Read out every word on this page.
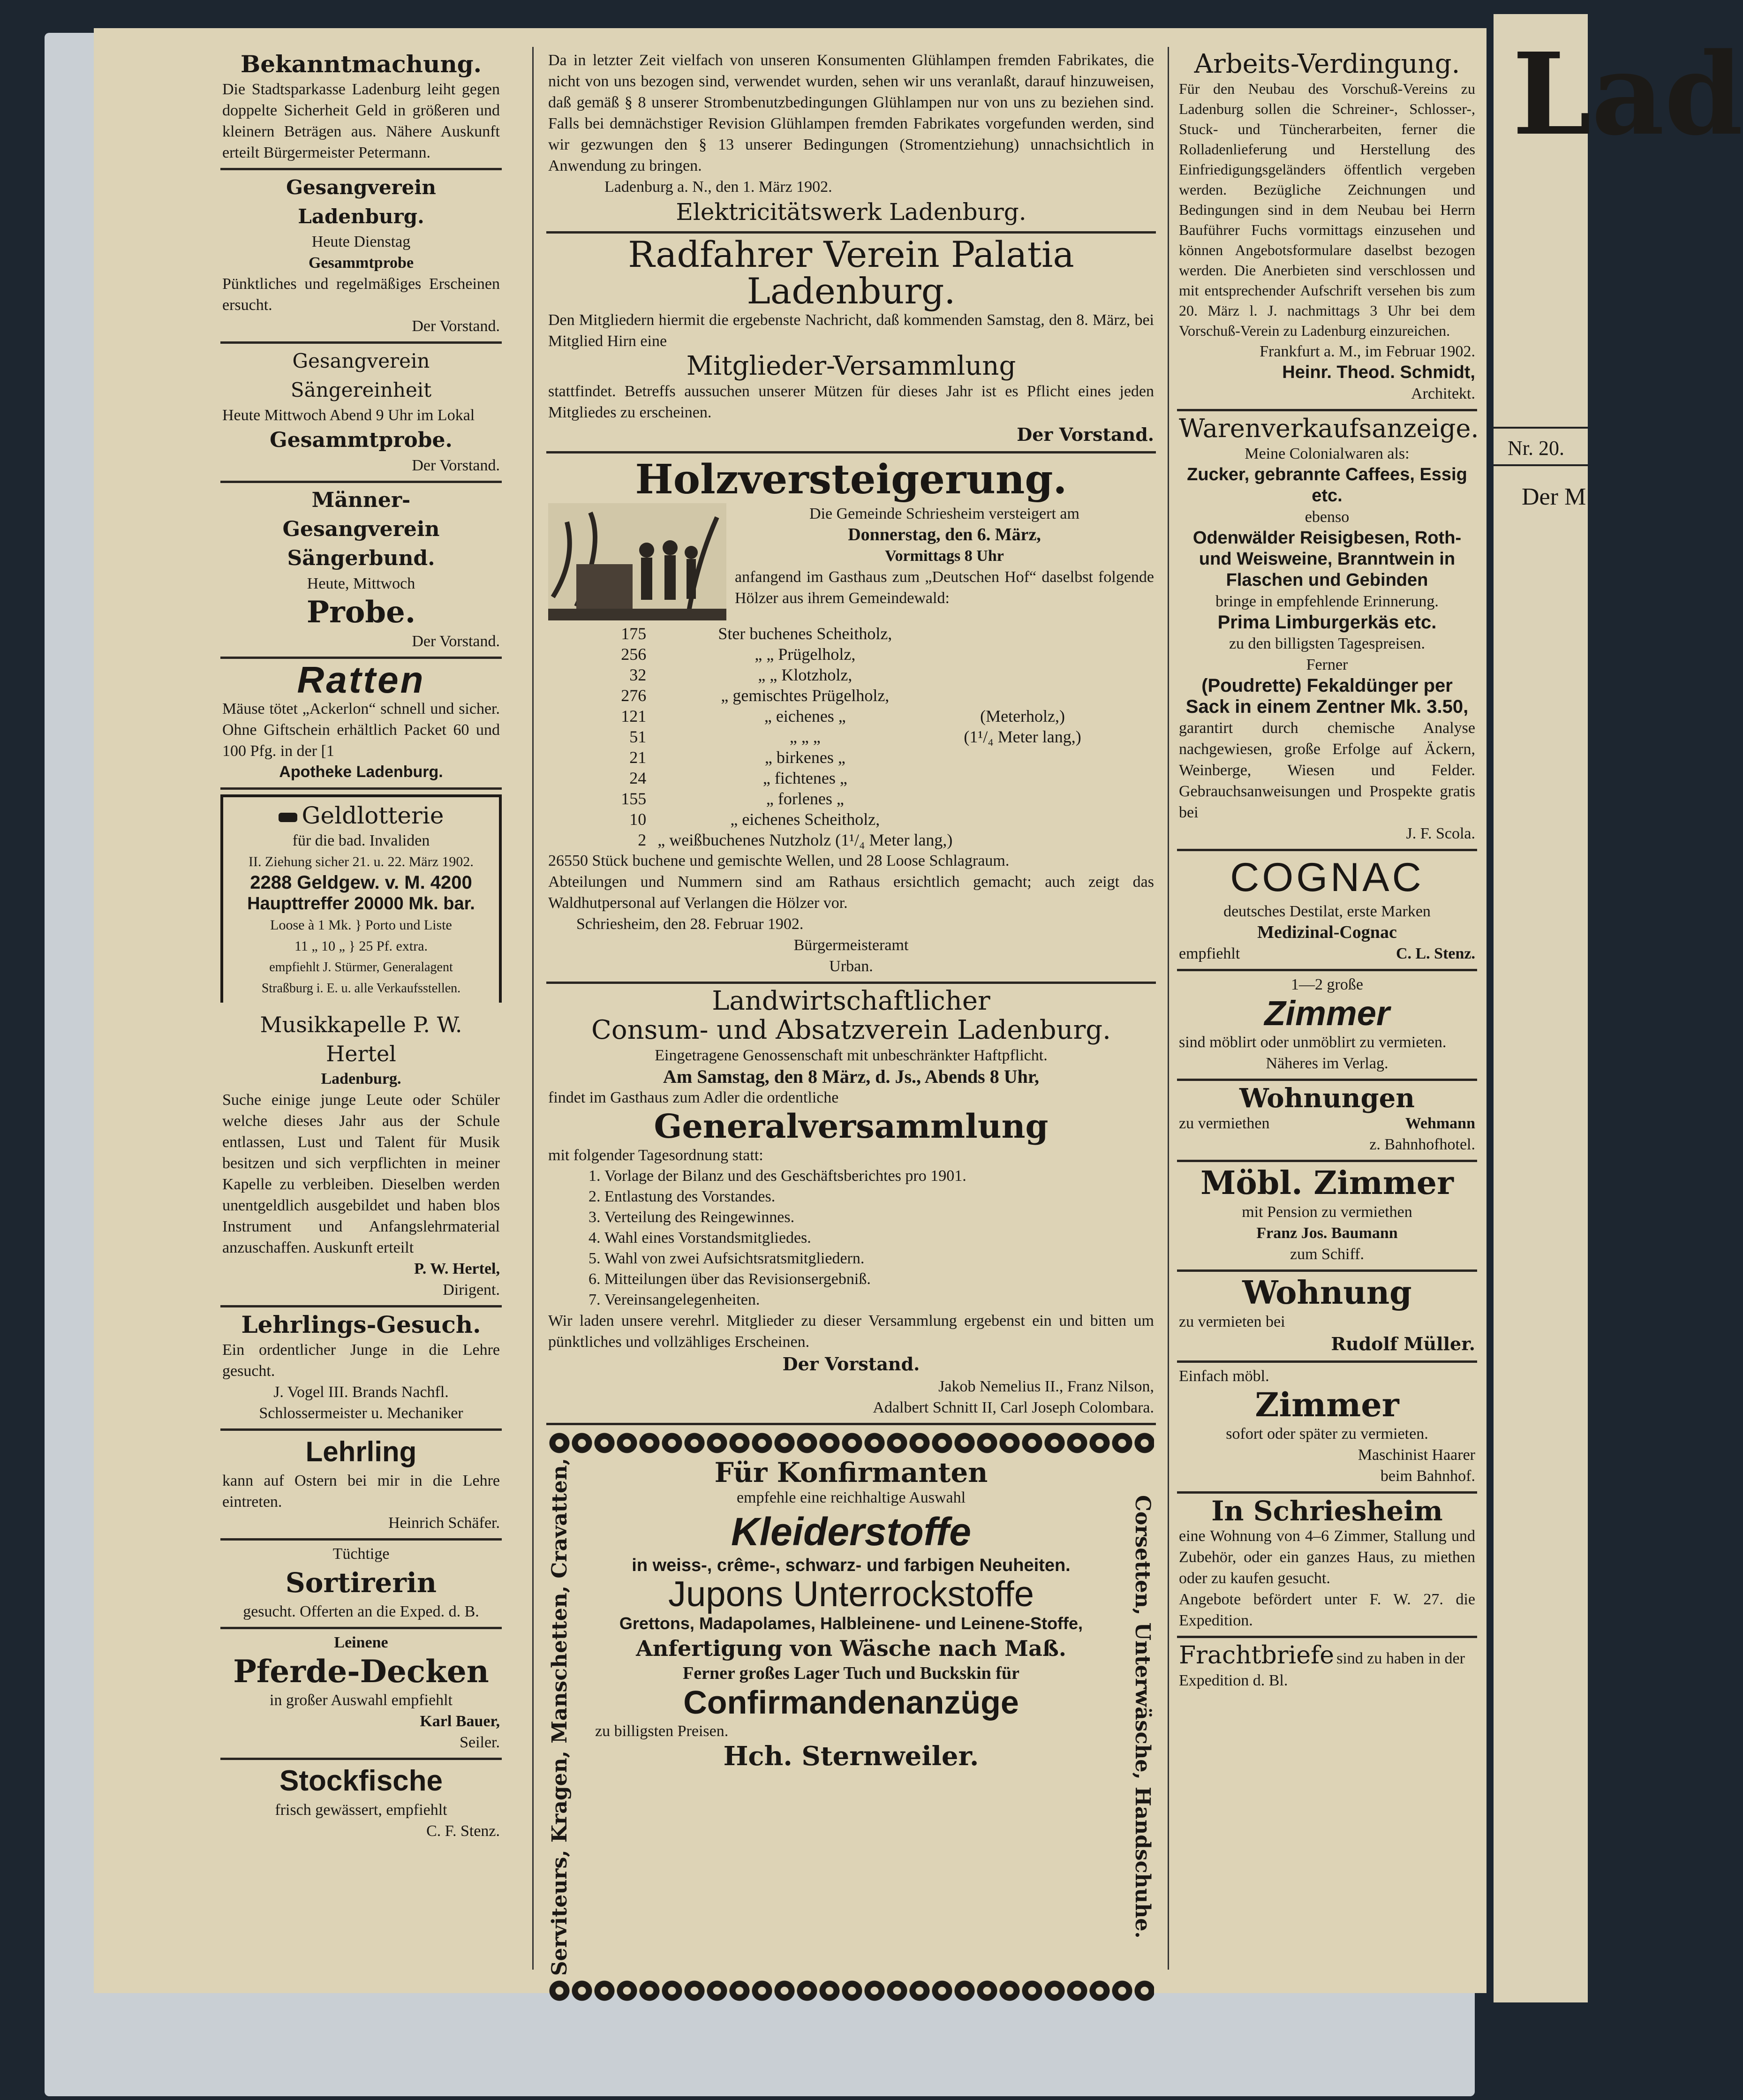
Lad
Nr. 20.
Der M
Bekanntmachung.
Die Stadtsparkasse Ladenburg leiht gegen doppelte Sicherheit Geld in größeren und kleinern Beträgen aus. Nähere Auskunft erteilt Bürgermeister Petermann.
Gesangverein Ladenburg.
Heute Dienstag
Gesammtprobe
Pünktliches und regelmäßiges Erscheinen ersucht.
Der Vorstand.
Gesangverein Sängereinheit
Heute Mittwoch Abend 9 Uhr im Lokal
Gesammtprobe.
Der Vorstand.
Männer-
Gesangverein Sängerbund.
Heute, Mittwoch
Probe.
Der Vorstand.
Ratten
Mäuse tötet „Ackerlon“ schnell und sicher. Ohne Giftschein erhältlich Packet 60 und 100 Pfg. in der [1
Apotheke Ladenburg.
Geldlotterie
für die bad. Invaliden
II. Ziehung sicher 21. u. 22. März 1902.
2288 Geldgew. v. M. 4200
Haupttreffer 20000 Mk. bar.
Loose à 1 Mk. } Porto und Liste
11 „ 10 „ } 25 Pf. extra.
empfiehlt J. Stürmer, Generalagent
Straßburg i. E. u. alle Verkaufsstellen.
Musikkapelle P. W. Hertel
Ladenburg.
Suche einige junge Leute oder Schüler welche dieses Jahr aus der Schule entlassen, Lust und Talent für Musik besitzen und sich verpflichten in meiner Kapelle zu verbleiben. Dieselben werden unentgeldlich ausgebildet und haben blos Instrument und Anfangslehrmaterial anzuschaffen. Auskunft erteilt
P. W. Hertel,
Dirigent.
Lehrlings-Gesuch.
Ein ordentlicher Junge in die Lehre gesucht.
J. Vogel III. Brands Nachfl.
Schlossermeister u. Mechaniker
Lehrling
kann auf Ostern bei mir in die Lehre eintreten.
Heinrich Schäfer.
Tüchtige
Sortirerin
gesucht. Offerten an die Exped. d. B.
Leinene
Pferde-Decken
in großer Auswahl empfiehlt
Karl Bauer,
Seiler.
Stockfische
frisch gewässert, empfiehlt
C. F. Stenz.
Da in letzter Zeit vielfach von unseren Konsumenten Glühlampen fremden Fabrikates, die nicht von uns bezogen sind, verwendet wurden, sehen wir uns veranlaßt, darauf hinzuweisen, daß gemäß § 8 unserer Strombenutzbedingungen Glühlampen nur von uns zu beziehen sind. Falls bei demnächstiger Revision Glühlampen fremden Fabrikates vorgefunden werden, sind wir gezwungen den § 13 unserer Bedingungen (Stromentziehung) unnachsichtlich in Anwendung zu bringen.
Ladenburg a. N., den 1. März 1902.
Elektricitätswerk Ladenburg.
Radfahrer Verein Palatia Ladenburg.
Den Mitgliedern hiermit die ergebenste Nachricht, daß kommenden Samstag, den 8. März, bei Mitglied Hirn eine
Mitglieder-Versammlung
stattfindet. Betreffs aussuchen unserer Mützen für dieses Jahr ist es Pflicht eines jeden Mitgliedes zu erscheinen.
Der Vorstand.
Holzversteigerung.
Die Gemeinde Schriesheim versteigert am
Donnerstag, den 6. März,
Vormittags 8 Uhr
anfangend im Gasthaus zum „Deutschen Hof“ daselbst folgende Hölzer aus ihrem Gemeindewald:
175	Ster buchenes Scheitholz,	
256	„ „ Prügelholz,	
32	„ „ Klotzholz,	
276	„ gemischtes Prügelholz,	
121	„ eichenes „	(Meterholz,)
51	„ „ „	(1¹/₄ Meter lang,)
21	„ birkenes „	
24	„ fichtenes „	
155	„ forlenes „	
10	„ eichenes Scheitholz,	
2	„ weißbuchenes Nutzholz (1¹/₄ Meter lang,)	
26550 Stück buchene und gemischte Wellen, und 28 Loose Schlagraum.
Abteilungen und Nummern sind am Rathaus ersichtlich gemacht; auch zeigt das Waldhutpersonal auf Verlangen die Hölzer vor.
Schriesheim, den 28. Februar 1902.
Bürgermeisteramt
Urban.
Landwirtschaftlicher
Consum- und Absatzverein Ladenburg.
Eingetragene Genossenschaft mit unbeschränkter Haftpflicht.
Am Samstag, den 8 März, d. Js., Abends 8 Uhr,
findet im Gasthaus zum Adler die ordentliche
Generalversammlung
mit folgender Tagesordnung statt:
1. Vorlage der Bilanz und des Geschäftsberichtes pro 1901.
2. Entlastung des Vorstandes.
3. Verteilung des Reingewinnes.
4. Wahl eines Vorstandsmitgliedes.
5. Wahl von zwei Aufsichtsratsmitgliedern.
6. Mitteilungen über das Revisionsergebniß.
7. Vereinsangelegenheiten.
Wir laden unsere verehrl. Mitglieder zu dieser Versammlung ergebenst ein und bitten um pünktliches und vollzähliges Erscheinen.
Der Vorstand.
Jakob Nemelius II., Franz Nilson,
Adalbert Schnitt II, Carl Joseph Colombara.
Serviteurs, Kragen, Manschetten, Cravatten,	Für Konfirmanten
empfehle eine reichhaltige Auswahl
Kleiderstoffe
in weiss-, crême-, schwarz- und farbigen Neuheiten.
Jupons Unterrockstoffe
Grettons, Madapolames, Halbleinene- und Leinene-Stoffe,
Anfertigung von Wäsche nach Maß.
Ferner großes Lager Tuch und Buckskin für
Confirmandenanzüge
zu billigsten Preisen.
Hch. Sternweiler.	Corsetten, Unterwäsche, Handschuhe.
Arbeits-Verdingung.
Für den Neubau des Vorschuß-Vereins zu Ladenburg sollen die Schreiner-, Schlosser-, Stuck- und Tüncherarbeiten, ferner die Rolladenlieferung und Herstellung des Einfriedigungsgeländers öffentlich vergeben werden. Bezügliche Zeichnungen und Bedingungen sind in dem Neubau bei Herrn Bauführer Fuchs vormittags einzusehen und können Angebotsformulare daselbst bezogen werden. Die Anerbieten sind verschlossen und mit entsprechender Aufschrift versehen bis zum 20. März l. J. nachmittags 3 Uhr bei dem Vorschuß-Verein zu Ladenburg einzureichen.
Frankfurt a. M., im Februar 1902.
Heinr. Theod. Schmidt,
Architekt.
Warenverkaufsanzeige.
Meine Colonialwaren als:
Zucker, gebrannte Caffees, Essig etc.
ebenso
Odenwälder Reisigbesen, Roth- und Weisweine, Branntwein in Flaschen und Gebinden
bringe in empfehlende Erinnerung.
Prima Limburgerkäs etc.
zu den billigsten Tagespreisen.
Ferner
(Poudrette) Fekaldünger per Sack in einem Zentner Mk. 3.50,
garantirt durch chemische Analyse nachgewiesen, große Erfolge auf Äckern, Weinberge, Wiesen und Felder. Gebrauchsanweisungen und Prospekte gratis bei
J. F. Scola.
COGNAC
deutsches Destilat, erste Marken
Medizinal-Cognac
empfiehlt	C. L. Stenz.
1—2 große
Zimmer
sind möblirt oder unmöblirt zu vermieten.
Näheres im Verlag.
Wohnungen
zu vermiethen	Wehmann
z. Bahnhofhotel.
Möbl. Zimmer
mit Pension zu vermiethen
Franz Jos. Baumann
zum Schiff.
Wohnung
zu vermieten bei
Rudolf Müller.
Einfach möbl.
Zimmer
sofort oder später zu vermieten.
Maschinist Haarer
beim Bahnhof.
In Schriesheim
eine Wohnung von 4–6 Zimmer, Stallung und Zubehör, oder ein ganzes Haus, zu miethen oder zu kaufen gesucht.
Angebote befördert unter F. W. 27. die Expedition.
Frachtbriefe sind zu haben in der Expedition d. Bl.
